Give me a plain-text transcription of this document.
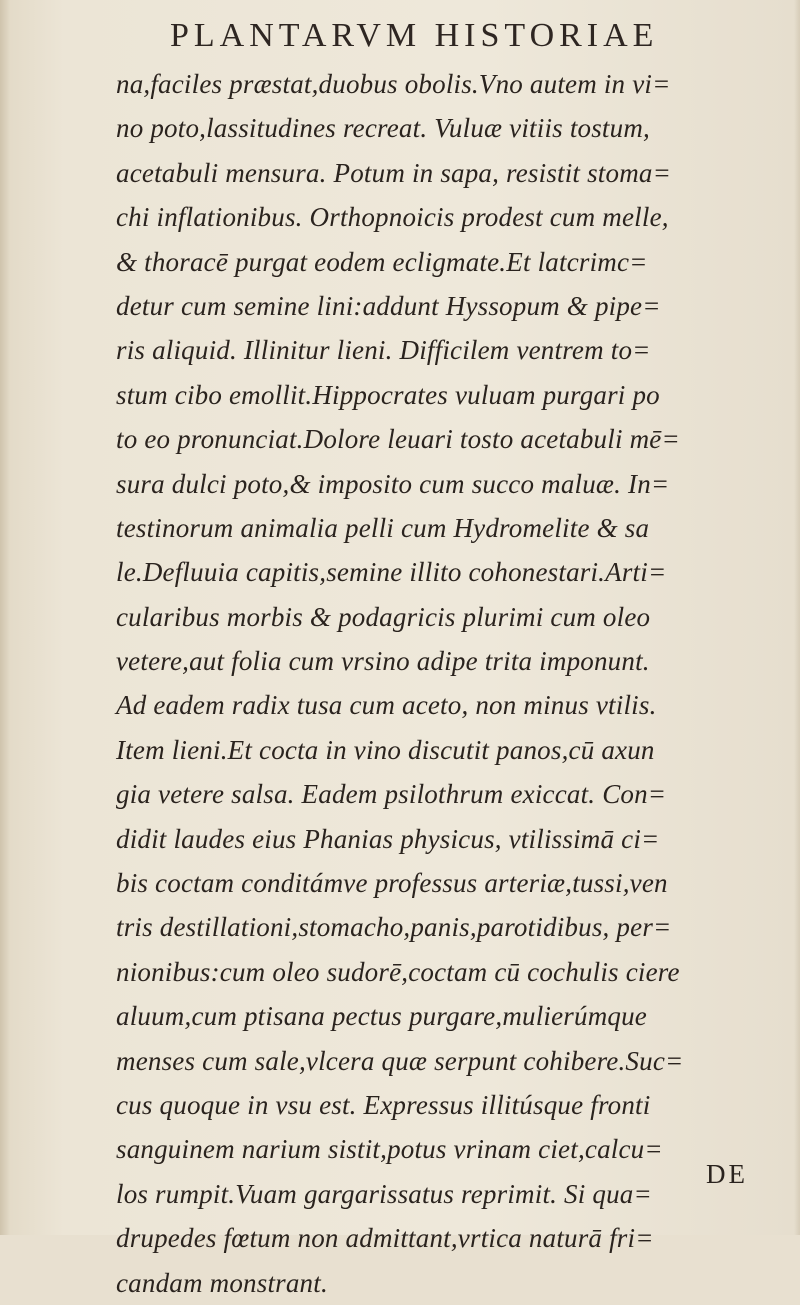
PLANTARVM HISTORIAE
na,faciles præstat,duobus obolis.Vno autem in vi=
no poto,lassitudines recreat. Vuluæ vitiis tostum,
acetabuli mensura. Potum in sapa, resistit stoma=
chi inflationibus. Orthopnoicis prodest cum melle,
& thoracē purgat eodem ecligmate.Et latcrimc=
detur cum semine lini:addunt Hyssopum & pipe=
ris aliquid. Illinitur lieni. Difficilem ventrem to=
stum cibo emollit.Hippocrates vuluam purgari po
to eo pronunciat.Dolore leuari tosto acetabuli mē=
sura dulci poto,& imposito cum succo maluæ. In=
testinorum animalia pelli cum Hydromelite & sa
le.Defluuia capitis,semine illito cohonestari.Arti=
cularibus morbis & podagricis plurimi cum oleo
vetere,aut folia cum vrsino adipe trita imponunt.
Ad eadem radix tusa cum aceto, non minus vtilis.
Item lieni.Et cocta in vino discutit panos,cū axun
gia vetere salsa. Eadem psilothrum exiccat. Con=
didit laudes eius Phanias physicus, vtilissimā ci=
bis coctam conditámve professus arteriæ,tussi,ven
tris destillationi,stomacho,panis,parotidibus, per=
nionibus:cum oleo sudorē,coctam cū cochulis ciere
aluum,cum ptisana pectus purgare,mulierúmque
menses cum sale,vlcera quæ serpunt cohibere.Suc=
cus quoque in vsu est. Expressus illitúsque fronti
sanguinem narium sistit,potus vrinam ciet,calcu=
los rumpit.Vuam gargarissatus reprimit. Si qua=
drupedes fœtum non admittant,vrtica naturā fri=
candam monstrant.
DE
